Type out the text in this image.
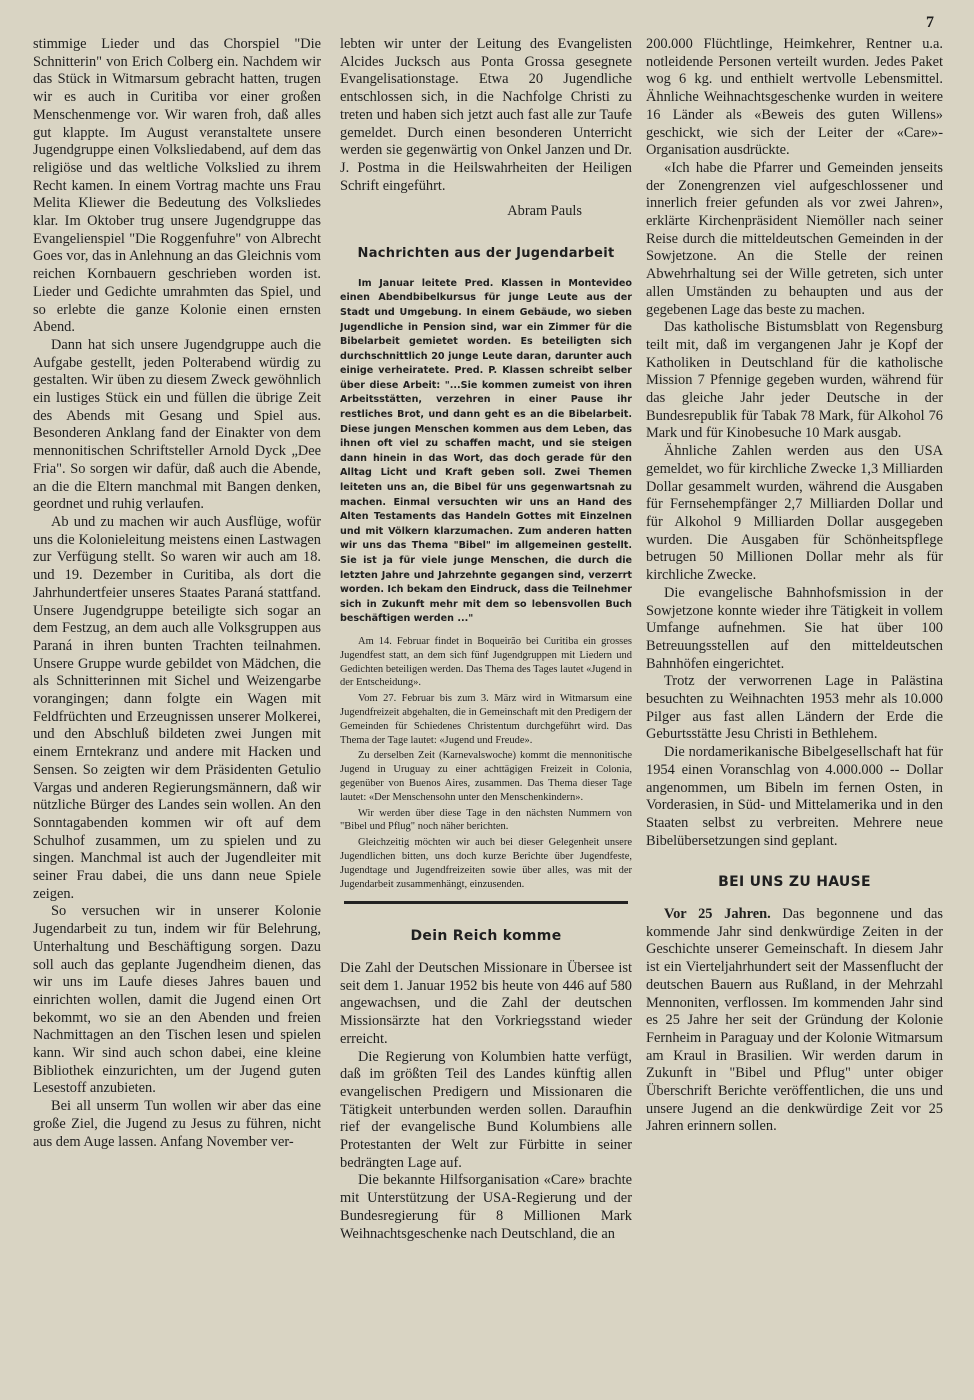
7

stimmige Lieder und das Chorspiel "Die Schnitterin" von Erich Colberg ein. Nachdem wir das Stück in Witmarsum gebracht hatten, trugen wir es auch in Curitiba vor einer großen Menschenmenge vor. Wir waren froh, daß alles gut klappte. Im August veranstaltete unsere Jugendgruppe einen Volksliedabend, auf dem das religiöse und das weltliche Volkslied zu ihrem Recht kamen. In einem Vortrag machte uns Frau Melita Kliewer die Bedeutung des Volksliedes klar. Im Oktober trug unsere Jugendgruppe das Evangelienspiel "Die Roggenfuhre" von Albrecht Goes vor, das in Anlehnung an das Gleichnis vom reichen Kornbauern geschrieben worden ist. Lieder und Gedichte umrahmten das Spiel, und so erlebte die ganze Kolonie einen ernsten Abend.

Dann hat sich unsere Jugendgruppe auch die Aufgabe gestellt, jeden Polterabend würdig zu gestalten. Wir üben zu diesem Zweck gewöhnlich ein lustiges Stück ein und füllen die übrige Zeit des Abends mit Gesang und Spiel aus. Besonderen Anklang fand der Einakter von dem mennonitischen Schriftsteller Arnold Dyck „Dee Fria". So sorgen wir dafür, daß auch die Abende, an die die Eltern manchmal mit Bangen denken, geordnet und ruhig verlaufen.

Ab und zu machen wir auch Ausflüge, wofür uns die Kolonieleitung meistens einen Lastwagen zur Verfügung stellt. So waren wir auch am 18. und 19. Dezember in Curitiba, als dort die Jahrhundertfeier unseres Staates Paraná stattfand. Unsere Jugendgruppe beteiligte sich sogar an dem Festzug, an dem auch alle Volksgruppen aus Paraná in ihren bunten Trachten teilnahmen. Unsere Gruppe wurde gebildet von Mädchen, die als Schnitterinnen mit Sichel und Weizengarbe vorangingen; dann folgte ein Wagen mit Feldfrüchten und Erzeugnissen unserer Molkerei, und den Abschluß bildeten zwei Jungen mit einem Erntekranz und andere mit Hacken und Sensen. So zeigten wir dem Präsidenten Getulio Vargas und anderen Regierungsmännern, daß wir nützliche Bürger des Landes sein wollen. An den Sonntagabenden kommen wir oft auf dem Schulhof zusammen, um zu spielen und zu singen. Manchmal ist auch der Jugendleiter mit seiner Frau dabei, die uns dann neue Spiele zeigen.

So versuchen wir in unserer Kolonie Jugendarbeit zu tun, indem wir für Belehrung, Unterhaltung und Beschäftigung sorgen. Dazu soll auch das geplante Jugendheim dienen, das wir uns im Laufe dieses Jahres bauen und einrichten wollen, damit die Jugend einen Ort bekommt, wo sie an den Abenden und freien Nachmittagen an den Tischen lesen und spielen kann. Wir sind auch schon dabei, eine kleine Bibliothek einzurichten, um der Jugend guten Lesestoff anzubieten.

Bei all unserm Tun wollen wir aber das eine große Ziel, die Jugend zu Jesus zu führen, nicht aus dem Auge lassen. Anfang November ver-

lebten wir unter der Leitung des Evangelisten Alcides Jucksch aus Ponta Grossa gesegnete Evangelisationstage. Etwa 20 Jugendliche entschlossen sich, in die Nachfolge Christi zu treten und haben sich jetzt auch fast alle zur Taufe gemeldet. Durch einen besonderen Unterricht werden sie gegenwärtig von Onkel Janzen und Dr. J. Postma in die Heilswahrheiten der Heiligen Schrift eingeführt.

Abram Pauls
Nachrichten aus der Jugendarbeit

Im Januar leitete Pred. Klassen in Montevideo einen Abendbibelkursus für junge Leute aus der Stadt und Umgebung. In einem Gebäude, wo sieben Jugendliche in Pension sind, war ein Zimmer für die Bibelarbeit gemietet worden. Es beteiligten sich durchschnittlich 20 junge Leute daran, darunter auch einige verheiratete. Pred. P. Klassen schreibt selber über diese Arbeit: "...Sie kommen zumeist von ihren Arbeitsstätten, verzehren in einer Pause ihr restliches Brot, und dann geht es an die Bibelarbeit. Diese jungen Menschen kommen aus dem Leben, das ihnen oft viel zu schaffen macht, und sie steigen dann hinein in das Wort, das doch gerade für den Alltag Licht und Kraft geben soll. Zwei Themen leiteten uns an, die Bibel für uns gegenwartsnah zu machen. Einmal versuchten wir uns an Hand des Alten Testaments das Handeln Gottes mit Einzelnen und mit Völkern klarzumachen. Zum anderen hatten wir uns das Thema "Bibel" im allgemeinen gestellt. Sie ist ja für viele junge Menschen, die durch die letzten Jahre und Jahrzehnte gegangen sind, verzerrt worden. Ich bekam den Eindruck, dass die Teilnehmer sich in Zukunft mehr mit dem so lebensvollen Buch beschäftigen werden ..."

Am 14. Februar findet in Boqueirão bei Curitiba ein grosses Jugendfest statt, an dem sich fünf Jugendgruppen mit Liedern und Gedichten beteiligen werden. Das Thema des Tages lautet «Jugend in der Entscheidung».

Vom 27. Februar bis zum 3. März wird in Witmarsum eine Jugendfreizeit abgehalten, die in Gemeinschaft mit den Predigern der Gemeinden für Schiedenes Christentum durchgeführt wird. Das Thema der Tage lautet: «Jugend und Freude».

Zu derselben Zeit (Karnevalswoche) kommt die mennonitische Jugend in Uruguay zu einer achttägigen Freizeit in Colonia, gegenüber von Buenos Aires, zusammen. Das Thema dieser Tage lautet: «Der Menschensohn unter den Menschenkindern».

Wir werden über diese Tage in den nächsten Nummern von "Bibel und Pflug" noch näher berichten.

Gleichzeitig möchten wir auch bei dieser Gelegenheit unsere Jugendlichen bitten, uns doch kurze Berichte über Jugendfeste, Jugendtage und Jugendfreizeiten sowie über alles, was mit der Jugendarbeit zusammenhängt, einzusenden.

Dein Reich komme

Die Zahl der Deutschen Missionare in Übersee ist seit dem 1. Januar 1952 bis heute von 446 auf 580 angewachsen, und die Zahl der deutschen Missionsärzte hat den Vorkriegsstand wieder erreicht.

Die Regierung von Kolumbien hatte verfügt, daß im größten Teil des Landes künftig allen evangelischen Predigern und Missionaren die Tätigkeit unterbunden werden sollen. Daraufhin rief der evangelische Bund Kolumbiens alle Protestanten der Welt zur Fürbitte in seiner bedrängten Lage auf.

Die bekannte Hilfsorganisation «Care» brachte mit Unterstützung der USA-Regierung und der Bundesregierung für 8 Millionen Mark Weihnachtsgeschenke nach Deutschland, die an

200.000 Flüchtlinge, Heimkehrer, Rentner u.a. notleidende Personen verteilt wurden. Jedes Paket wog 6 kg. und enthielt wertvolle Lebensmittel. Ähnliche Weihnachtsgeschenke wurden in weitere 16 Länder als «Beweis des guten Willens» geschickt, wie sich der Leiter der «Care»-Organisation ausdrückte.

«Ich habe die Pfarrer und Gemeinden jenseits der Zonengrenzen viel aufgeschlossener und innerlich freier gefunden als vor zwei Jahren», erklärte Kirchenpräsident Niemöller nach seiner Reise durch die mitteldeutschen Gemeinden in der Sowjetzone. An die Stelle der reinen Abwehrhaltung sei der Wille getreten, sich unter allen Umständen zu behaupten und aus der gegebenen Lage das beste zu machen.

Das katholische Bistumsblatt von Regensburg teilt mit, daß im vergangenen Jahr je Kopf der Katholiken in Deutschland für die katholische Mission 7 Pfennige gegeben wurden, während für das gleiche Jahr jeder Deutsche in der Bundesrepublik für Tabak 78 Mark, für Alkohol 76 Mark und für Kinobesuche 10 Mark ausgab.

Ähnliche Zahlen werden aus den USA gemeldet, wo für kirchliche Zwecke 1,3 Milliarden Dollar gesammelt wurden, während die Ausgaben für Fernsehempfänger 2,7 Milliarden Dollar und für Alkohol 9 Milliarden Dollar ausgegeben wurden. Die Ausgaben für Schönheitspflege betrugen 50 Millionen Dollar mehr als für kirchliche Zwecke.

Die evangelische Bahnhofsmission in der Sowjetzone konnte wieder ihre Tätigkeit in vollem Umfange aufnehmen. Sie hat über 100 Betreuungsstellen auf den mitteldeutschen Bahnhöfen eingerichtet.

Trotz der verworrenen Lage in Palästina besuchten zu Weihnachten 1953 mehr als 10.000 Pilger aus fast allen Ländern der Erde die Geburtsstätte Jesu Christi in Bethlehem.

Die nordamerikanische Bibelgesellschaft hat für 1954 einen Voranschlag von 4.000.000 -- Dollar angenommen, um Bibeln im fernen Osten, in Vorderasien, in Süd- und Mittelamerika und in den Staaten selbst zu verbreiten. Mehrere neue Bibelübersetzungen sind geplant.

BEI UNS ZU HAUSE

Vor 25 Jahren. Das begonnene und das kommende Jahr sind denkwürdige Zeiten in der Geschichte unserer Gemeinschaft. In diesem Jahr ist ein Vierteljahrhundert seit der Massenflucht der deutschen Bauern aus Rußland, in der Mehrzahl Mennoniten, verflossen. Im kommenden Jahr sind es 25 Jahre her seit der Gründung der Kolonie Fernheim in Paraguay und der Kolonie Witmarsum am Kraul in Brasilien. Wir werden darum in Zukunft in "Bibel und Pflug" unter obiger Überschrift Berichte veröffentlichen, die uns und unsere Jugend an die denkwürdige Zeit vor 25 Jahren erinnern sollen.
